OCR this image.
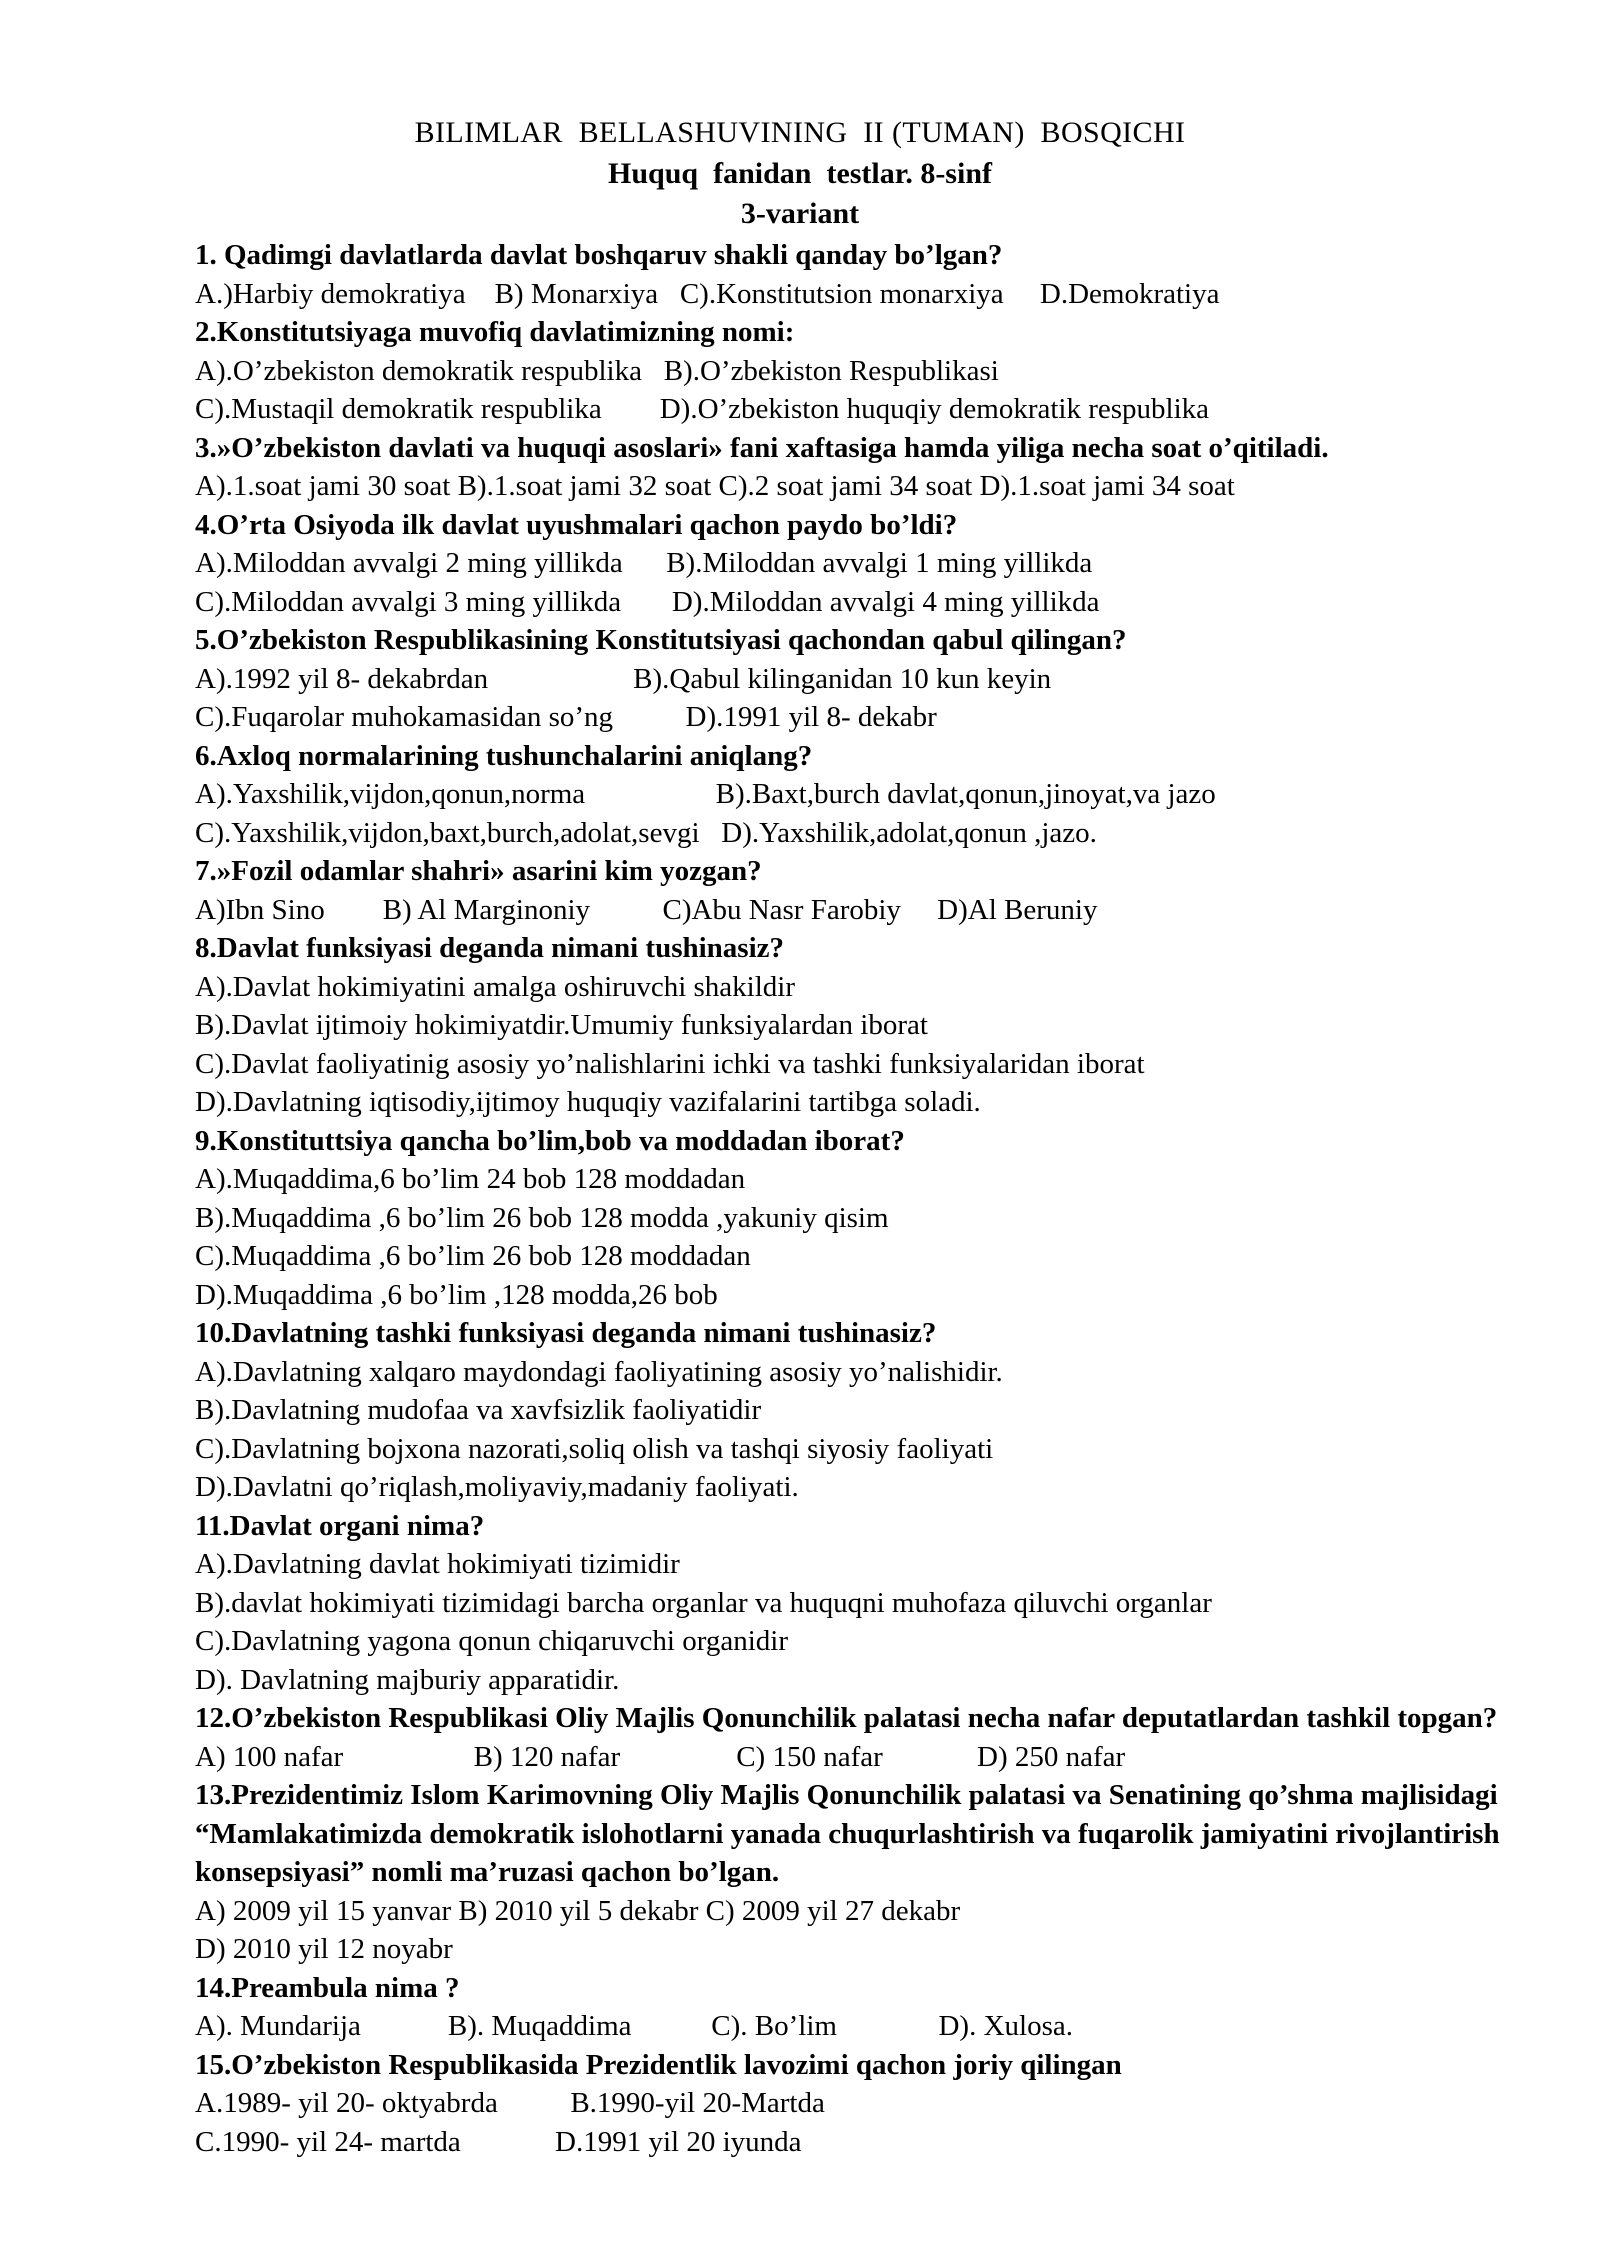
BILIMLAR  BELLASHUVINING  II (TUMAN)  BOSQICHI
Huquq  fanidan  testlar. 8-sinf
3-variant

1. Qadimgi davlatlarda davlat boshqaruv shakli qanday bo’lgan?

A.)Harbiy demokratiya    B) Monarxiya   C).Konstitutsion monarxiya     D.Demokratiya

2.Konstitutsiyaga muvofiq davlatimizning nomi:

A).O’zbekiston demokratik respublika   B).O’zbekiston Respublikasi

C).Mustaqil demokratik respublika        D).O’zbekiston huquqiy demokratik respublika

3.»O’zbekiston davlati va huquqi asoslari» fani xaftasiga hamda yiliga necha soat o’qitiladi.

A).1.soat jami 30 soat B).1.soat jami 32 soat C).2 soat jami 34 soat D).1.soat jami 34 soat

4.O’rta Osiyoda ilk davlat uyushmalari qachon paydo bo’ldi?

A).Miloddan avvalgi 2 ming yillikda      B).Miloddan avvalgi 1 ming yillikda

C).Miloddan avvalgi 3 ming yillikda       D).Miloddan avvalgi 4 ming yillikda

5.O’zbekiston Respublikasining Konstitutsiyasi qachondan qabul qilingan?

A).1992 yil 8- dekabrdan                    B).Qabul kilinganidan 10 kun keyin

C).Fuqarolar muhokamasidan so’ng          D).1991 yil 8- dekabr

6.Axloq normalarining tushunchalarini aniqlang?

A).Yaxshilik,vijdon,qonun,norma                  B).Baxt,burch davlat,qonun,jinoyat,va jazo

C).Yaxshilik,vijdon,baxt,burch,adolat,sevgi   D).Yaxshilik,adolat,qonun ,jazo.

7.»Fozil odamlar shahri» asarini kim yozgan?

A)Ibn Sino        B) Al Marginoniy          C)Abu Nasr Farobiy     D)Al Beruniy

8.Davlat funksiyasi deganda nimani tushinasiz?

A).Davlat hokimiyatini amalga oshiruvchi shakildir

B).Davlat ijtimoiy hokimiyatdir.Umumiy funksiyalardan iborat

C).Davlat faoliyatinig asosiy yo’nalishlarini ichki va tashki funksiyalaridan iborat

D).Davlatning iqtisodiy,ijtimoy huquqiy vazifalarini tartibga soladi.

9.Konstituttsiya qancha bo’lim,bob va moddadan iborat?

A).Muqaddima,6 bo’lim 24 bob 128 moddadan

B).Muqaddima ,6 bo’lim 26 bob 128 modda ,yakuniy qisim

C).Muqaddima ,6 bo’lim 26 bob 128 moddadan

D).Muqaddima ,6 bo’lim ,128 modda,26 bob

10.Davlatning tashki funksiyasi deganda nimani tushinasiz?

A).Davlatning xalqaro maydondagi faoliyatining asosiy yo’nalishidir.

B).Davlatning mudofaa va xavfsizlik faoliyatidir

C).Davlatning bojxona nazorati,soliq olish va tashqi siyosiy faoliyati

D).Davlatni qo’riqlash,moliyaviy,madaniy faoliyati.

11.Davlat organi nima?

A).Davlatning davlat hokimiyati tizimidir

B).davlat hokimiyati tizimidagi barcha organlar va huquqni muhofaza qiluvchi organlar

C).Davlatning yagona qonun chiqaruvchi organidir

D). Davlatning majburiy apparatidir.

12.O’zbekiston Respublikasi Oliy Majlis Qonunchilik palatasi necha nafar deputatlardan tashkil topgan?

A) 100 nafar                  B) 120 nafar                C) 150 nafar             D) 250 nafar

13.Prezidentimiz Islom Karimovning Oliy Majlis Qonunchilik palatasi va Senatining qo’shma majlisidagi “Mamlakatimizda demokratik islohotlarni yanada chuqurlashtirish va fuqarolik jamiyatini rivojlantirish konsepsiyasi” nomli ma’ruzasi qachon bo’lgan.

A) 2009 yil 15 yanvar B) 2010 yil 5 dekabr C) 2009 yil 27 dekabr

D) 2010 yil 12 noyabr

14.Preambula nima ?

A). Mundarija            B). Muqaddima           C). Bo’lim              D). Xulosa.

15.O’zbekiston Respublikasida Prezidentlik lavozimi qachon joriy qilingan

A.1989- yil 20- oktyabrda          B.1990-yil 20-Martda

C.1990- yil 24- martda             D.1991 yil 20 iyunda
